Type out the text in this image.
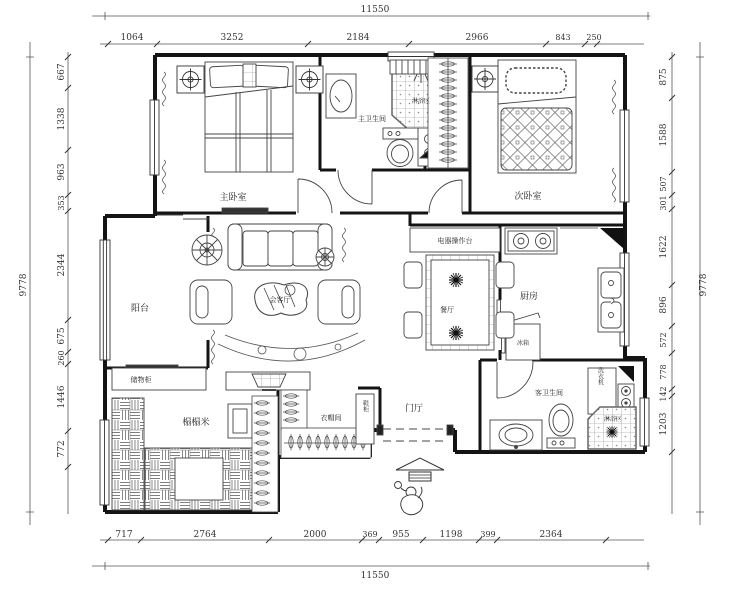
11550
1064	3252	2184	2966	843 250
11550
717	2764	2000	369 955	1198 399	2364
9778
667
1338
963
353
2344
675
260
1446
772
9778
875
1588
507
301
1622
896
572
778
142
1203
主卧室
主卫生间
淋浴区
次卧室
会客厅
阳台
储物柜
电器操作台
厨房
冰箱
餐厅
榻榻米	衣帽间
鞋柜	门厅
客卫生间
洗衣机
淋浴区
